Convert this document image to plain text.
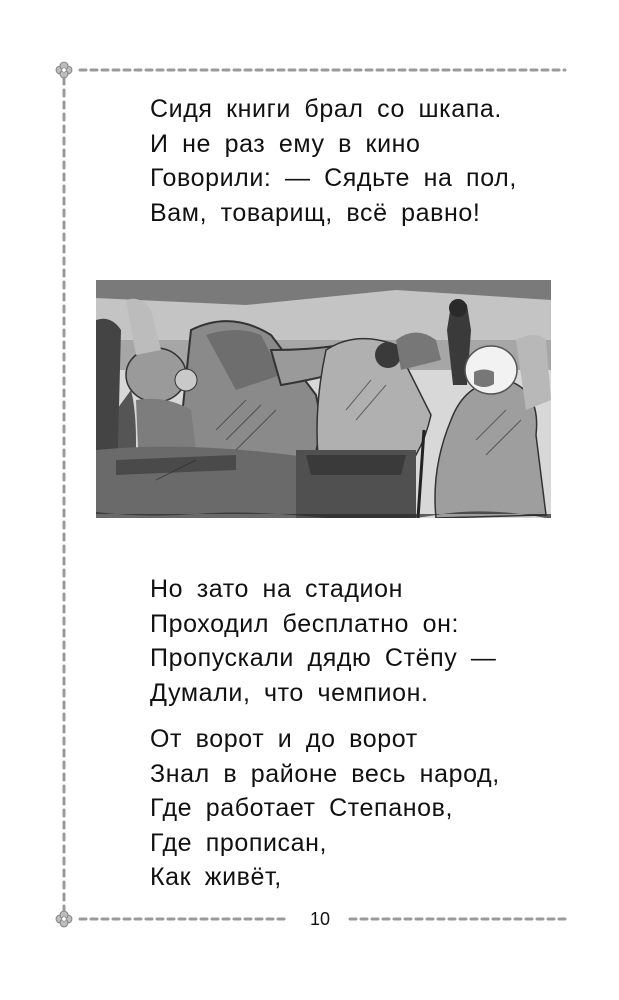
Сидя книги брал со шкапа.
И не раз ему в кино
Говорили: — Сядьте на пол,
Вам, товарищ, всё равно!
Но зато на стадион
Проходил бесплатно он:
Пропускали дядю Стёпу —
Думали, что чемпион.
От ворот и до ворот
Знал в районе весь народ,
Где работает Степанов,
Где прописан,
Как живёт,
10
